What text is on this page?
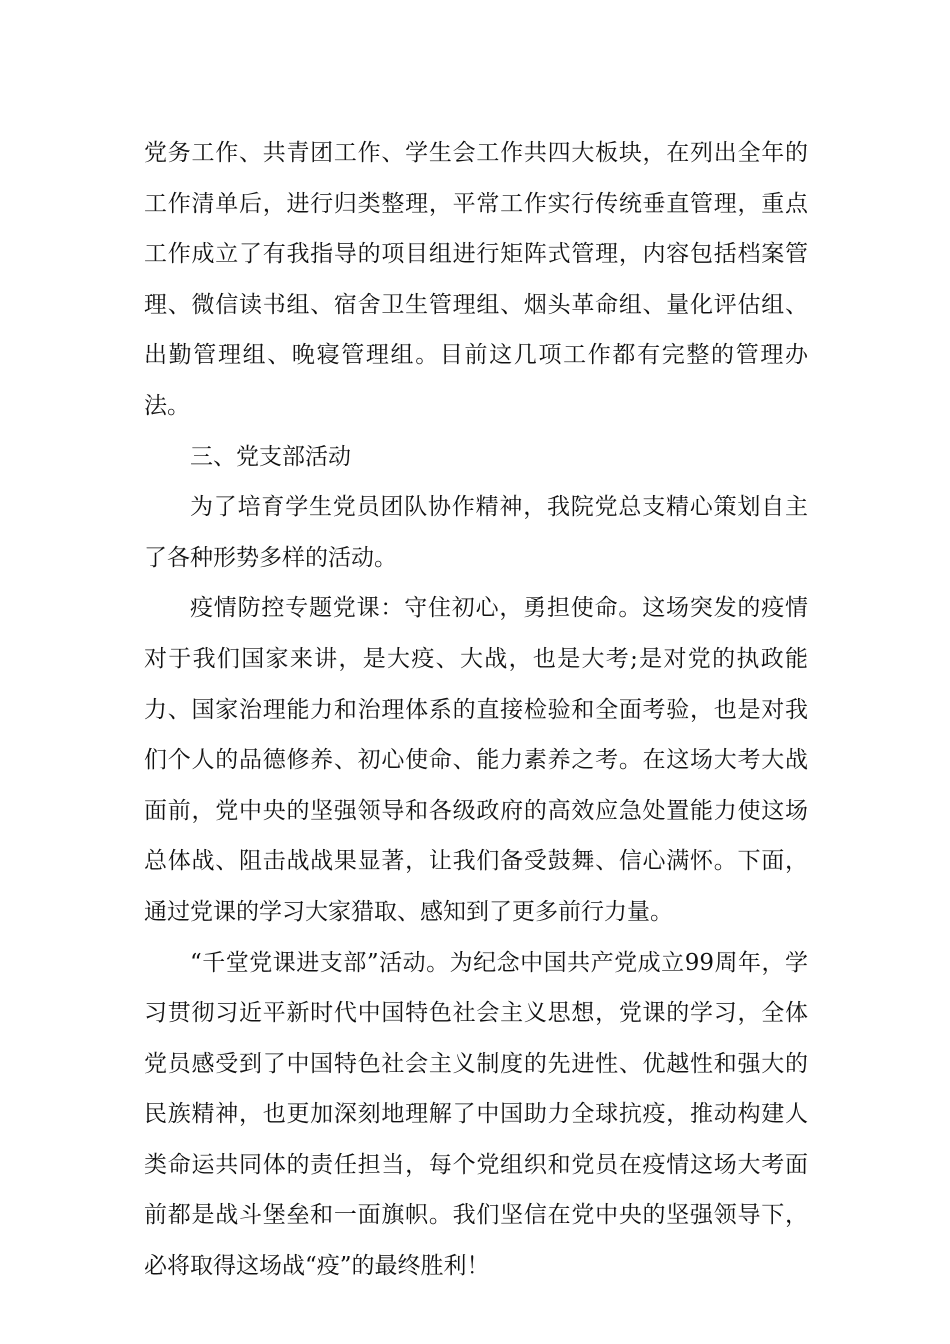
党务工作、共青团工作、学生会工作共四大板块，在列出全年的工作清单后，进行归类整理，平常工作实行传统垂直管理，重点工作成立了有我指导的项目组进行矩阵式管理，内容包括档案管理、微信读书组、宿舍卫生管理组、烟头革命组、量化评估组、出勤管理组、晚寝管理组。目前这几项工作都有完整的管理办法。

三、党支部活动

为了培育学生党员团队协作精神，我院党总支精心策划自主了各种形势多样的活动。

疫情防控专题党课：守住初心，勇担使命。这场突发的疫情对于我们国家来讲，是大疫、大战，也是大考;是对党的执政能力、国家治理能力和治理体系的直接检验和全面考验，也是对我们个人的品德修养、初心使命、能力素养之考。在这场大考大战面前，党中央的坚强领导和各级政府的高效应急处置能力使这场总体战、阻击战战果显著，让我们备受鼓舞、信心满怀。下面，通过党课的学习大家猎取、感知到了更多前行力量。

“千堂党课进支部”活动。为纪念中国共产党成立99周年，学习贯彻习近平新时代中国特色社会主义思想，党课的学习，全体党员感受到了中国特色社会主义制度的先进性、优越性和强大的民族精神，也更加深刻地理解了中国助力全球抗疫，推动构建人类命运共同体的责任担当，每个党组织和党员在疫情这场大考面前都是战斗堡垒和一面旗帜。我们坚信在党中央的坚强领导下，必将取得这场战“疫”的最终胜利！
